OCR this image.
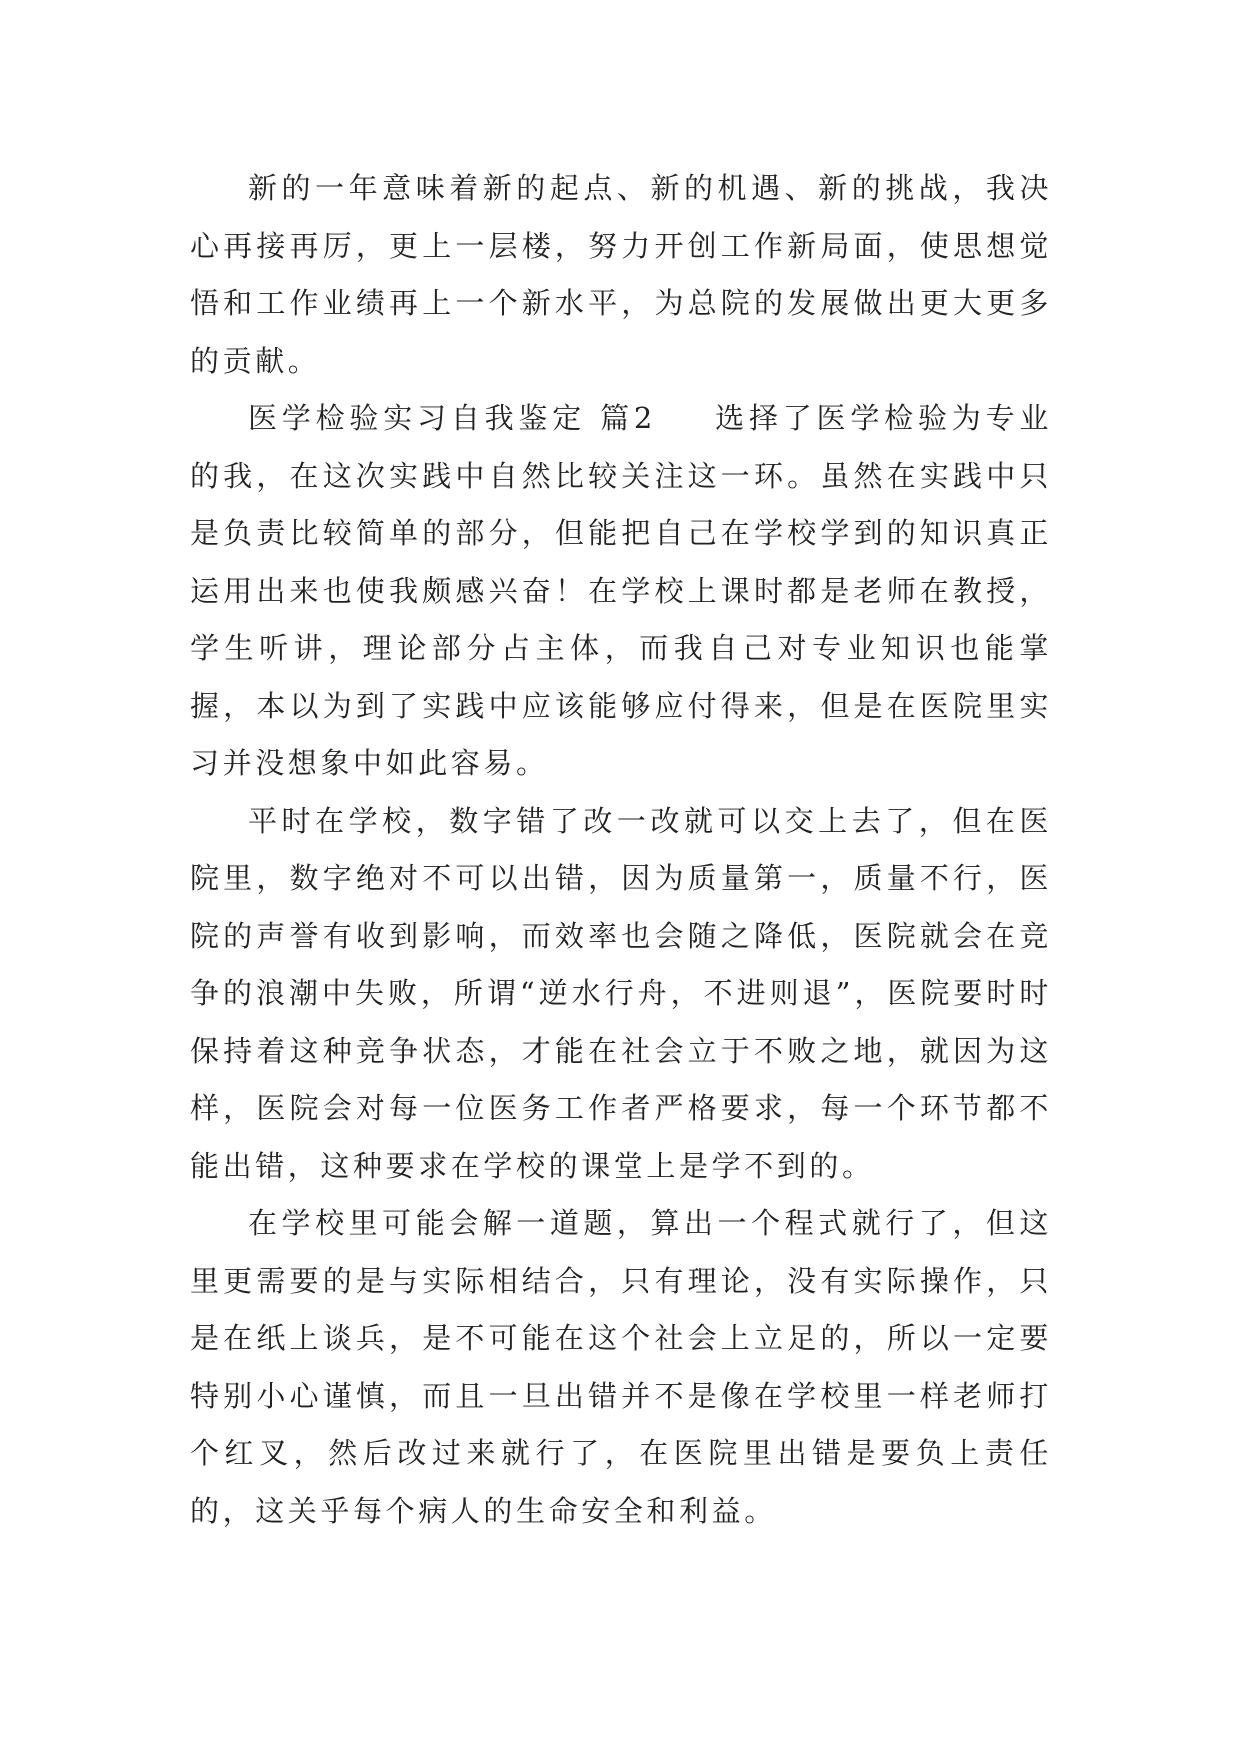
新的一年意味着新的起点、新的机遇、新的挑战，我决心再接再厉，更上一层楼，努力开创工作新局面，使思想觉悟和工作业绩再上一个新水平，为总院的发展做出更大更多的贡献。

医学检验实习自我鉴定 篇2 选择了医学检验为专业的我，在这次实践中自然比较关注这一环。虽然在实践中只是负责比较简单的部分，但能把自己在学校学到的知识真正运用出来也使我颇感兴奋！在学校上课时都是老师在教授，学生听讲，理论部分占主体，而我自己对专业知识也能掌握，本以为到了实践中应该能够应付得来，但是在医院里实习并没想象中如此容易。

平时在学校，数字错了改一改就可以交上去了，但在医院里，数字绝对不可以出错，因为质量第一，质量不行，医院的声誉有收到影响，而效率也会随之降低，医院就会在竞争的浪潮中失败，所谓“逆水行舟，不进则退”，医院要时时保持着这种竞争状态，才能在社会立于不败之地，就因为这样，医院会对每一位医务工作者严格要求，每一个环节都不能出错，这种要求在学校的课堂上是学不到的。

在学校里可能会解一道题，算出一个程式就行了，但这里更需要的是与实际相结合，只有理论，没有实际操作，只是在纸上谈兵，是不可能在这个社会上立足的，所以一定要特别小心谨慎，而且一旦出错并不是像在学校里一样老师打个红叉，然后改过来就行了，在医院里出错是要负上责任的，这关乎每个病人的生命安全和利益。
